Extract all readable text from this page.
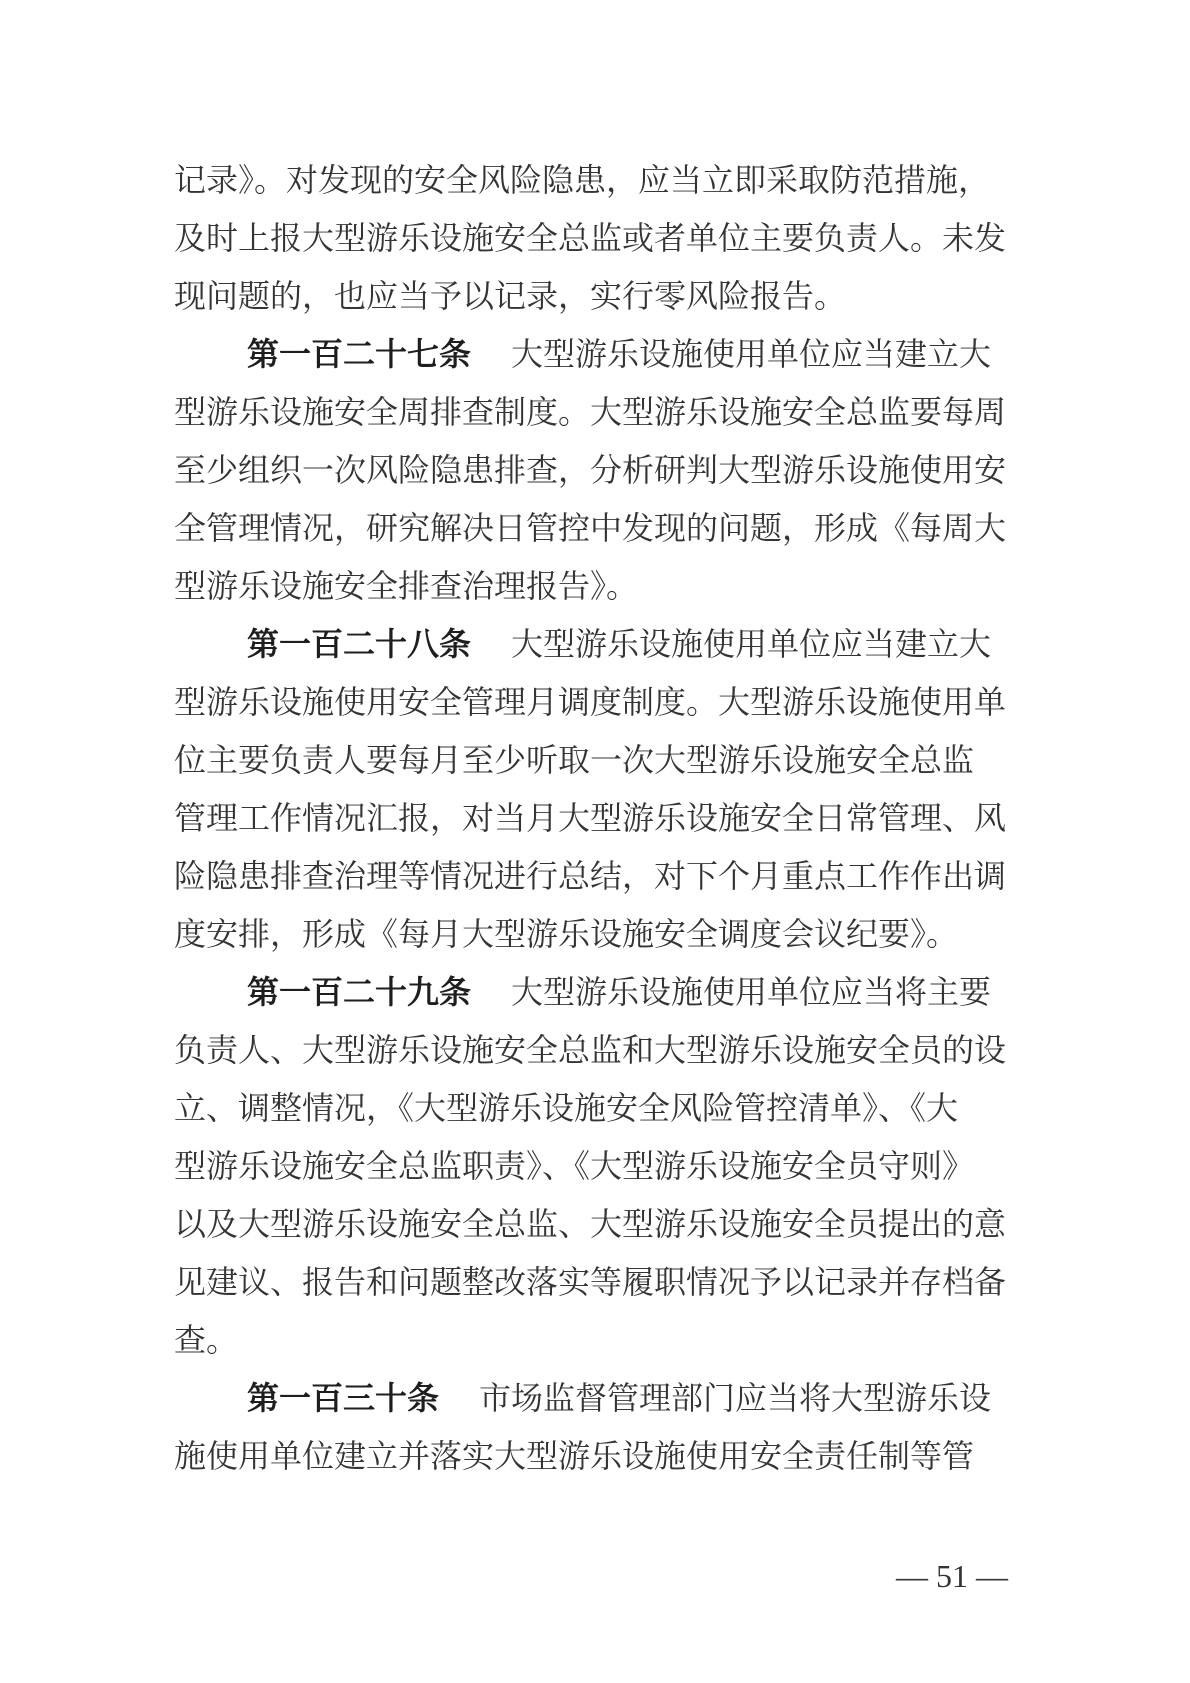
记录》。对发现的安全风险隐患，应当立即采取防范措施，
及时上报大型游乐设施安全总监或者单位主要负责人。未发
现问题的，也应当予以记录，实行零风险报告。
第一百二十七条 大型游乐设施使用单位应当建立大
型游乐设施安全周排查制度。大型游乐设施安全总监要每周
至少组织一次风险隐患排查，分析研判大型游乐设施使用安
全管理情况，研究解决日管控中发现的问题，形成《每周大
型游乐设施安全排查治理报告》。
第一百二十八条 大型游乐设施使用单位应当建立大
型游乐设施使用安全管理月调度制度。大型游乐设施使用单
位主要负责人要每月至少听取一次大型游乐设施安全总监
管理工作情况汇报，对当月大型游乐设施安全日常管理、风
险隐患排查治理等情况进行总结，对下个月重点工作作出调
度安排，形成《每月大型游乐设施安全调度会议纪要》。
第一百二十九条 大型游乐设施使用单位应当将主要
负责人、大型游乐设施安全总监和大型游乐设施安全员的设
立、调整情况，《大型游乐设施安全风险管控清单》、《大
型游乐设施安全总监职责》、《大型游乐设施安全员守则》
以及大型游乐设施安全总监、大型游乐设施安全员提出的意
见建议、报告和问题整改落实等履职情况予以记录并存档备
查。
第一百三十条 市场监督管理部门应当将大型游乐设
施使用单位建立并落实大型游乐设施使用安全责任制等管
— 51 —
